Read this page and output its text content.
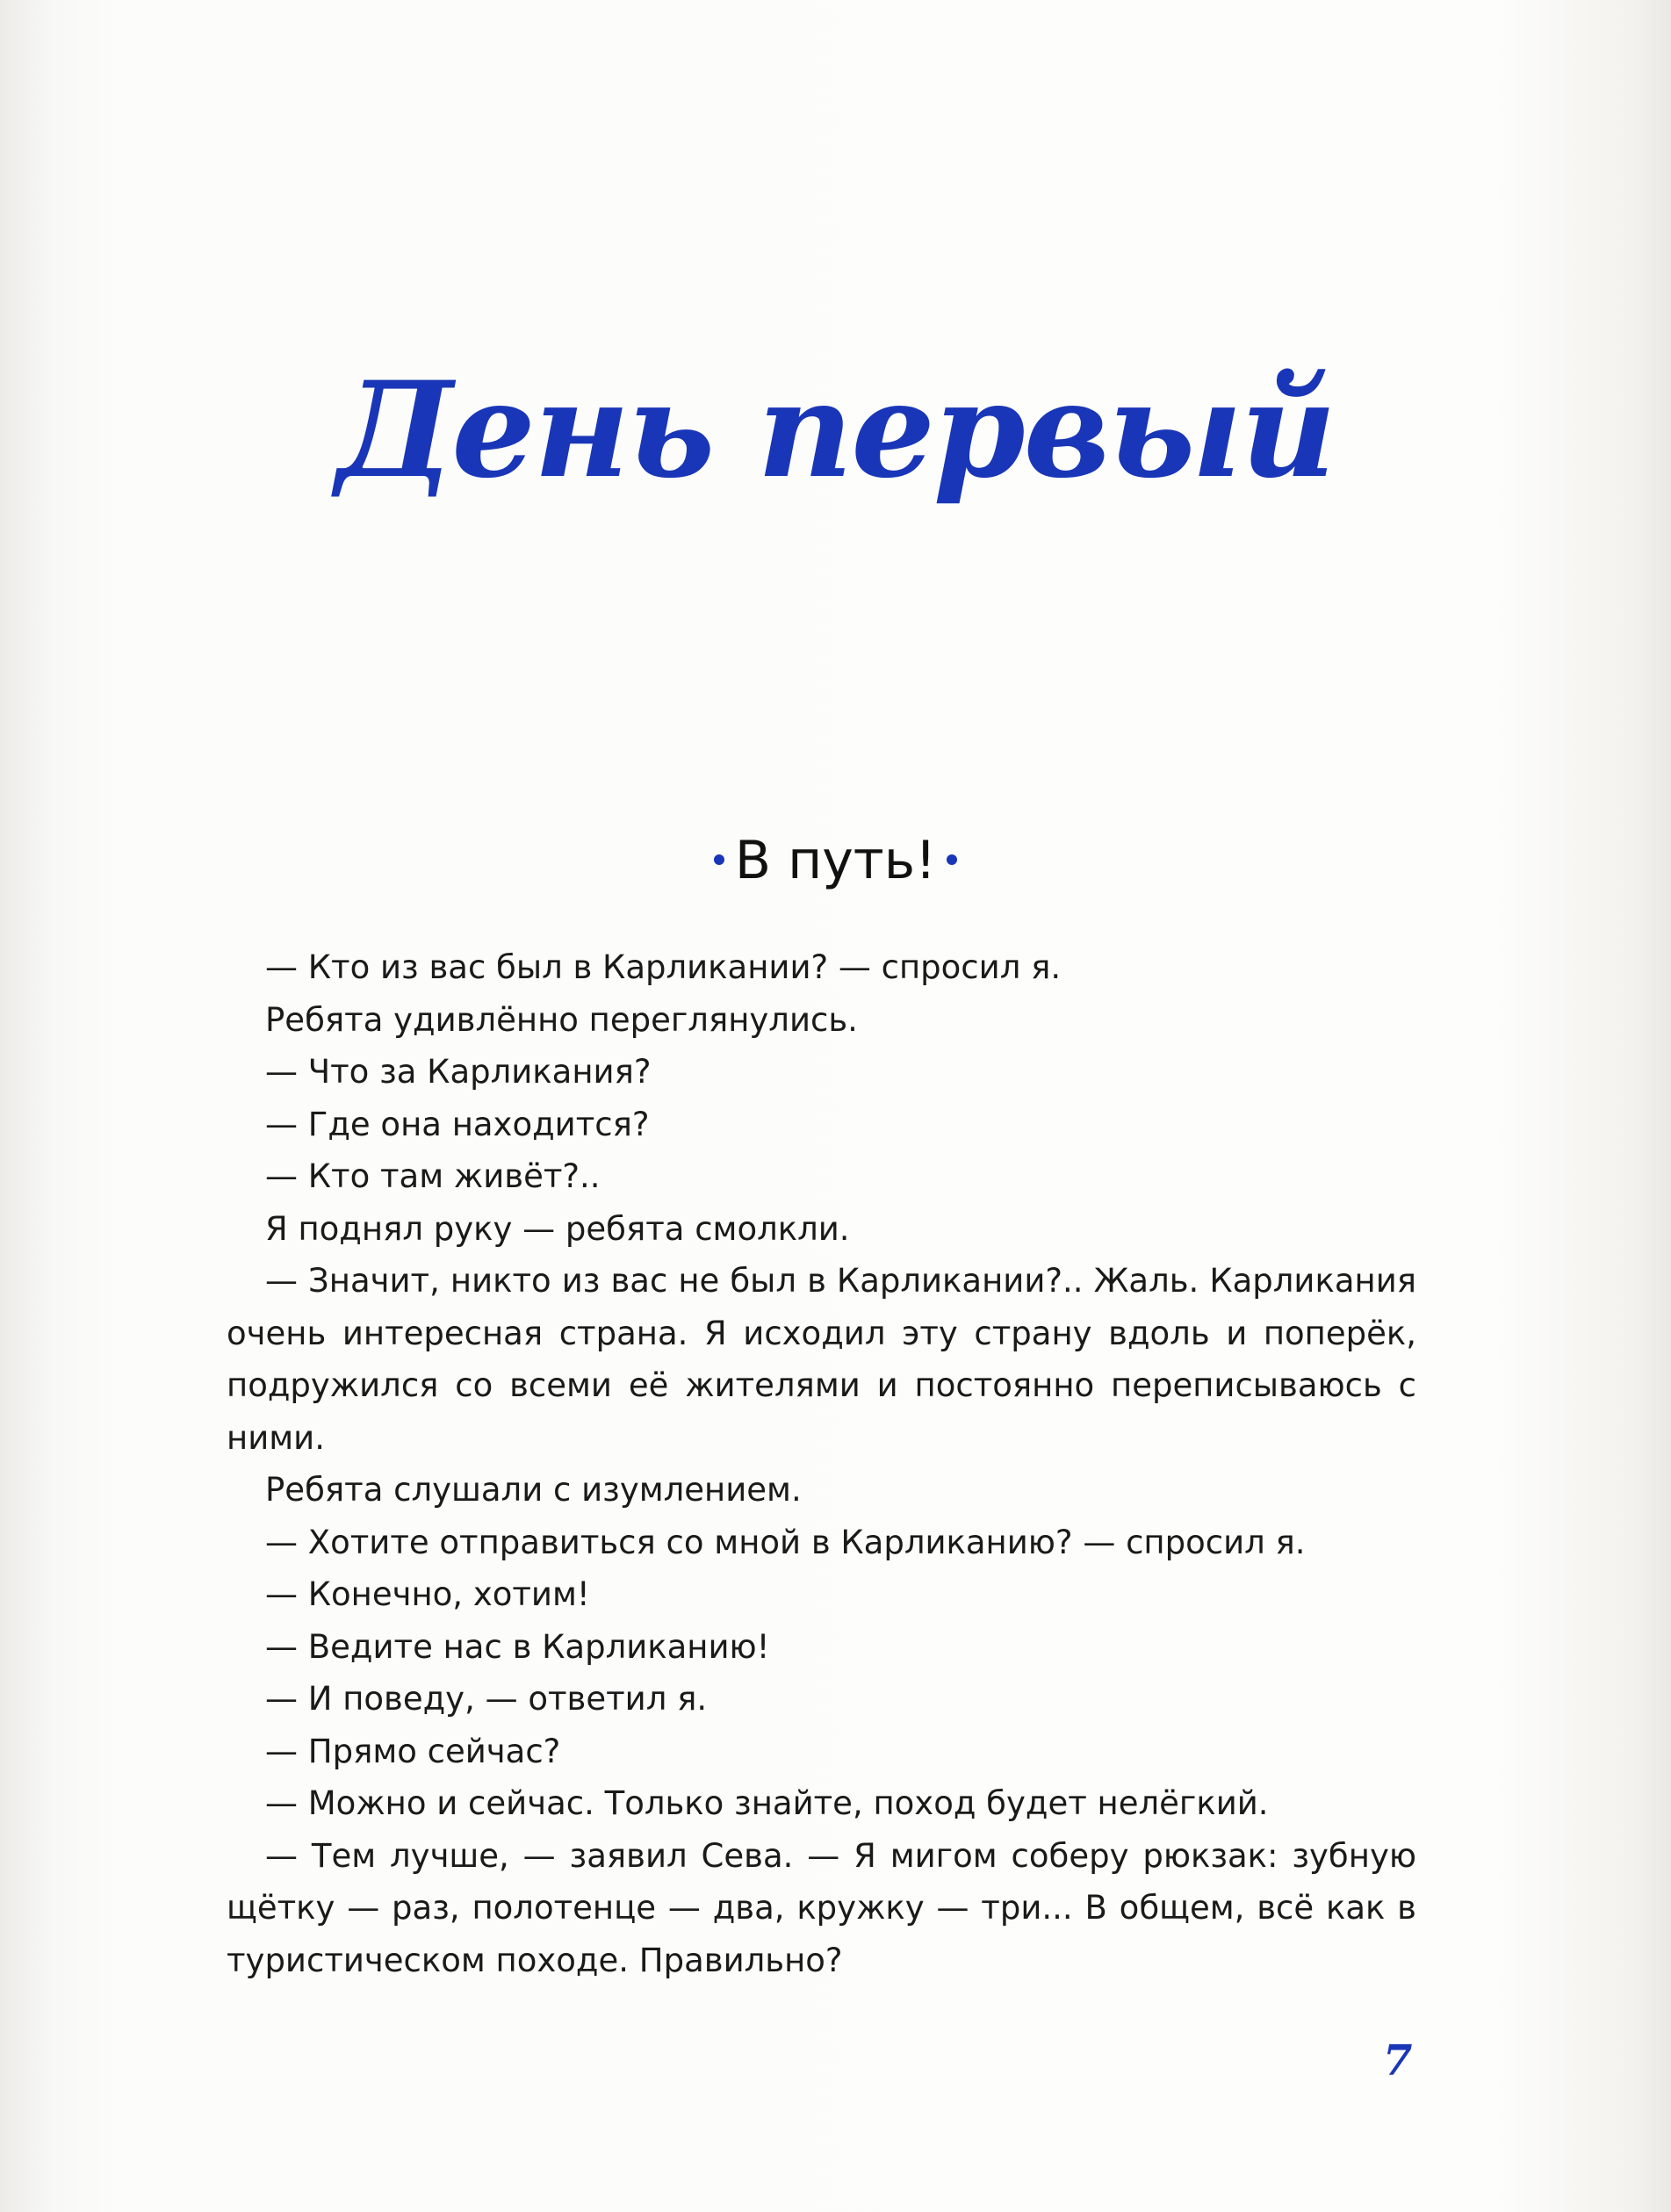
День первый
В путь!

— Кто из вас был в Карликании? — спросил я.

Ребята удивлённо переглянулись.

— Что за Карликания?

— Где она находится?

— Кто там живёт?..

Я поднял руку — ребята смолкли.

— Значит, никто из вас не был в Карликании?.. Жаль. Карликания очень интересная страна. Я исходил эту страну вдоль и поперёк, подружился со всеми её жителями и постоянно переписываюсь с ними.

Ребята слушали с изумлением.

— Хотите отправиться со мной в Карликанию? — спросил я.

— Конечно, хотим!

— Ведите нас в Карликанию!

— И поведу, — ответил я.

— Прямо сейчас?

— Можно и сейчас. Только знайте, поход будет нелёгкий.

— Тем лучше, — заявил Сева. — Я мигом соберу рюкзак: зубную щётку — раз, полотенце — два, кружку — три... В общем, всё как в туристическом походе. Правильно?

7
